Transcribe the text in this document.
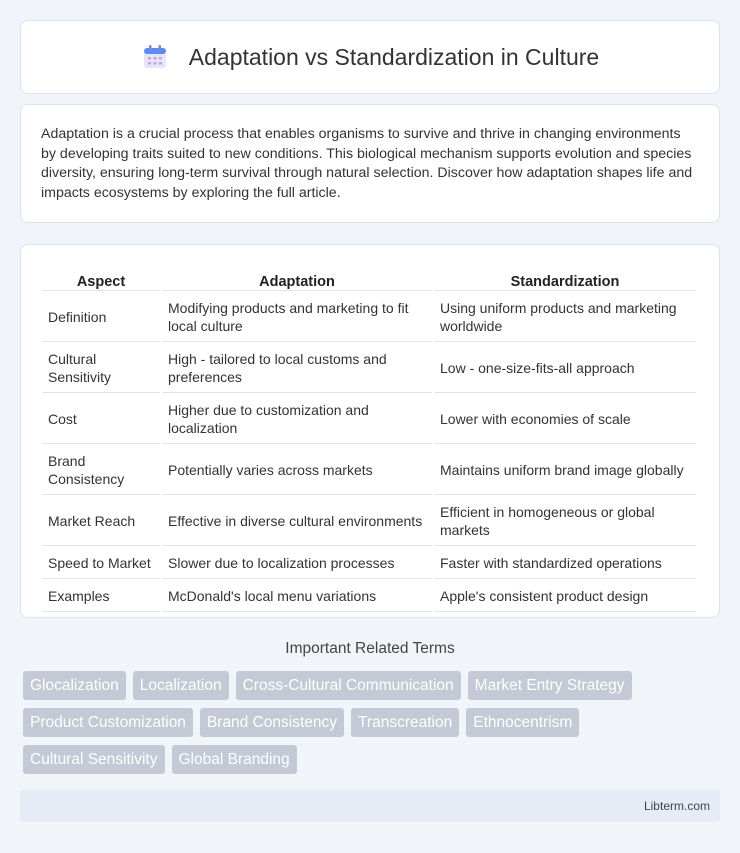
Adaptation vs Standardization in Culture

Adaptation is a crucial process that enables organisms to survive and thrive in changing environments by developing traits suited to new conditions. This biological mechanism supports evolution and species diversity, ensuring long-term survival through natural selection. Discover how adaptation shapes life and impacts ecosystems by exploring the full article.

Aspect	Adaptation	Standardization
Definition	Modifying products and marketing to fit local culture	Using uniform products and marketing worldwide
Cultural Sensitivity	High - tailored to local customs and preferences	Low - one-size-fits-all approach
Cost	Higher due to customization and localization	Lower with economies of scale
Brand Consistency	Potentially varies across markets	Maintains uniform brand image globally
Market Reach	Effective in diverse cultural environments	Efficient in homogeneous or global markets
Speed to Market	Slower due to localization processes	Faster with standardized operations
Examples	McDonald's local menu variations	Apple's consistent product design
Important Related Terms
Glocalization	Localization	Cross-Cultural Communication	Market Entry Strategy
Product Customization	Brand Consistency	Transcreation	Ethnocentrism
Cultural Sensitivity	Global Branding
Libterm.com
